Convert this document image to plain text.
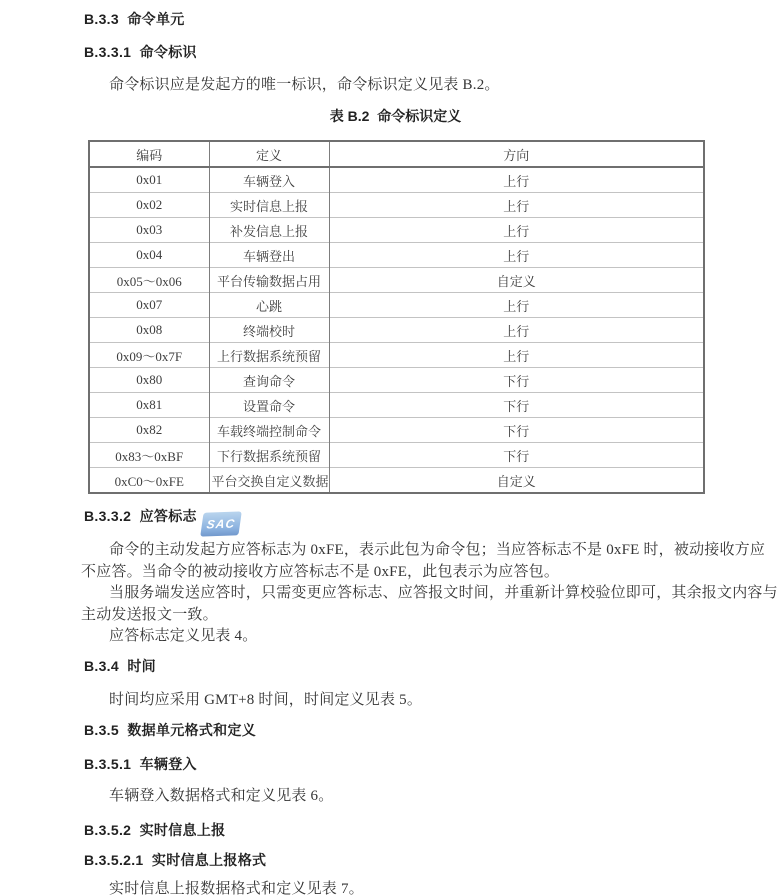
B.3.3  命令单元
B.3.3.1  命令标识
命令标识应是发起方的唯一标识，命令标识定义见表 B.2。
表 B.2  命令标识定义
编码	定义	方向
0x01	车辆登入	上行
0x02	实时信息上报	上行
0x03	补发信息上报	上行
0x04	车辆登出	上行
0x05～0x06	平台传输数据占用	自定义
0x07	心跳	上行
0x08	终端校时	上行
0x09～0x7F	上行数据系统预留	上行
0x80	查询命令	下行
0x81	设置命令	下行
0x82	车载终端控制命令	下行
0x83～0xBF	下行数据系统预留	下行
0xC0～0xFE	平台交换自定义数据	自定义
B.3.3.2  应答标志 SAC
命令的主动发起方应答标志为 0xFE，表示此包为命令包；当应答标志不是 0xFE 时，被动接收方应
不应答。当命令的被动接收方应答标志不是 0xFE，此包表示为应答包。
当服务端发送应答时，只需变更应答标志、应答报文时间，并重新计算校验位即可，其余报文内容与
主动发送报文一致。
应答标志定义见表 4。
B.3.4  时间
时间均应采用 GMT+8 时间，时间定义见表 5。
B.3.5  数据单元格式和定义
B.3.5.1  车辆登入
车辆登入数据格式和定义见表 6。
B.3.5.2  实时信息上报
B.3.5.2.1  实时信息上报格式
实时信息上报数据格式和定义见表 7。
